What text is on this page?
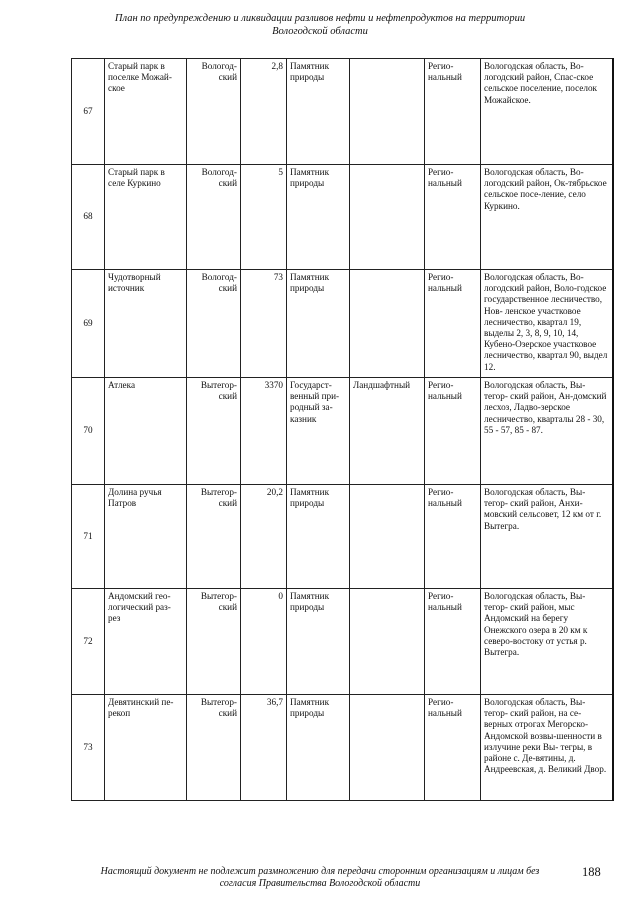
План по предупреждению и ликвидации разливов нефти и нефтепродуктов на территории
Вологодской области
67	Старый парк в поселке Можай-ское	Вологод-ский	2,8	Памятник природы		Регио-нальный	Вологодская область, Во-логодский район, Спас-ское сельское поселение, поселок Можайское.
68	Старый парк в селе Куркино	Вологод-ский	5	Памятник природы		Регио-нальный	Вологодская область, Во-логодский район, Ок-тябрьское сельское посе-ление, село Куркино.
69	Чудотворный источник	Вологод-ский	73	Памятник природы		Регио-нальный	Вологодская область, Во-логодский район, Воло-годское государственное лесничество, Нов- ленское участковое лесничество, квартал 19, выделы 2, 3, 8, 9, 10, 14, Кубено-Озерское участковое лесничество, квартал 90, выдел 12.
70	Атлека	Вытегор-ский	3370	Государст-венный при-родный за-казник	Ландшафтный	Регио-нальный	Вологодская область, Вы-тегор- ский район, Ан-домский лесхоз, Ладво-зерское лесничество, кварталы 28 - 30, 55 - 57, 85 - 87.
71	Долина ручья Патров	Вытегор-ский	20,2	Памятник природы		Регио-нальный	Вологодская область, Вы-тегор- ский район, Анхи-мовский сельсовет, 12 км от г. Вытегра.
72	Андомский гео-логический раз-рез	Вытегор-ский	0	Памятник природы		Регио-нальный	Вологодская область, Вы-тегор- ский район, мыс Андомский на берегу Онежского озера в 20 км к северо-востоку от устья р. Вытегра.
73	Девятинский пе-рекоп	Вытегор-ский	36,7	Памятник природы		Регио-нальный	Вологодская область, Вы-тегор- ский район, на се-верных отрогах Мегорско-Андомской возвы-шенности в излучине реки Вы- тегры, в районе с. Де-вятины, д. Андреевская, д. Великий Двор.
Настоящий документ не подлежит размножению для передачи сторонним организациям и лицам без
согласия Правительства Вологодской области
188
